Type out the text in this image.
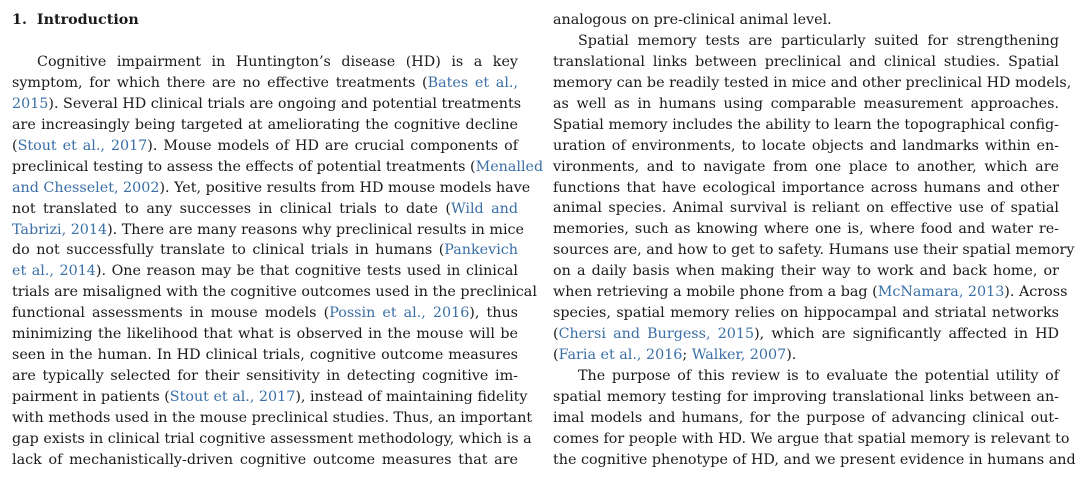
1. Introduction
Cognitive impairment in Huntington’s disease (HD) is a key
symptom, for which there are no effective treatments (Bates et al.,
2015). Several HD clinical trials are ongoing and potential treatments
are increasingly being targeted at ameliorating the cognitive decline
(Stout et al., 2017). Mouse models of HD are crucial components of
preclinical testing to assess the effects of potential treatments (Menalled
and Chesselet, 2002). Yet, positive results from HD mouse models have
not translated to any successes in clinical trials to date (Wild and
Tabrizi, 2014). There are many reasons why preclinical results in mice
do not successfully translate to clinical trials in humans (Pankevich
et al., 2014). One reason may be that cognitive tests used in clinical
trials are misaligned with the cognitive outcomes used in the preclinical
functional assessments in mouse models (Possin et al., 2016), thus
minimizing the likelihood that what is observed in the mouse will be
seen in the human. In HD clinical trials, cognitive outcome measures
are typically selected for their sensitivity in detecting cognitive im-
pairment in patients (Stout et al., 2017), instead of maintaining fidelity
with methods used in the mouse preclinical studies. Thus, an important
gap exists in clinical trial cognitive assessment methodology, which is a
lack of mechanistically-driven cognitive outcome measures that are
analogous on pre-clinical animal level.
Spatial memory tests are particularly suited for strengthening
translational links between preclinical and clinical studies. Spatial
memory can be readily tested in mice and other preclinical HD models,
as well as in humans using comparable measurement approaches.
Spatial memory includes the ability to learn the topographical config-
uration of environments, to locate objects and landmarks within en-
vironments, and to navigate from one place to another, which are
functions that have ecological importance across humans and other
animal species. Animal survival is reliant on effective use of spatial
memories, such as knowing where one is, where food and water re-
sources are, and how to get to safety. Humans use their spatial memory
on a daily basis when making their way to work and back home, or
when retrieving a mobile phone from a bag (McNamara, 2013). Across
species, spatial memory relies on hippocampal and striatal networks
(Chersi and Burgess, 2015), which are significantly affected in HD
(Faria et al., 2016; Walker, 2007).
The purpose of this review is to evaluate the potential utility of
spatial memory testing for improving translational links between an-
imal models and humans, for the purpose of advancing clinical out-
comes for people with HD. We argue that spatial memory is relevant to
the cognitive phenotype of HD, and we present evidence in humans and
